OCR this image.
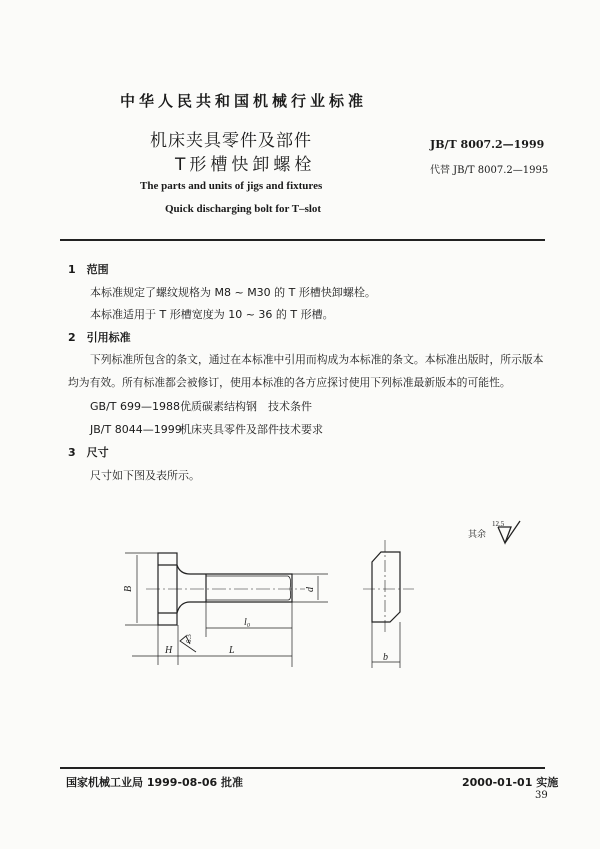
中华人民共和国机械行业标准
机床夹具零件及部件
T形槽快卸螺栓
JB/T 8007.2—1999
代替 JB/T 8007.2—1995
The parts and units of jigs and fixtures
Quick discharging bolt for T–slot
1　 范围
本标准规定了螺纹规格为 M8 ~ M30 的 T 形槽快卸螺栓。
本标准适用于 T 形槽宽度为 10 ~ 36 的 T 形槽。
2　 引用标准
下列标准所包含的条文，通过在本标准中引用而构成为本标准的条文。本标准出版时，所示版本
均为有效。所有标准都会被修订，使用本标准的各方应探讨使用下列标准最新版本的可能性。
GB/T 699—1988优质碳素结构钢　技术条件
JB/T 8044—1999机床夹具零件及部件技术要求
3　 尺寸
尺寸如下图及表所示。
B	d
l₀
H	L
b
6.3
其余
12.5
国家机械工业局 1999-08-06 批准	2000-01-01 实施
39
